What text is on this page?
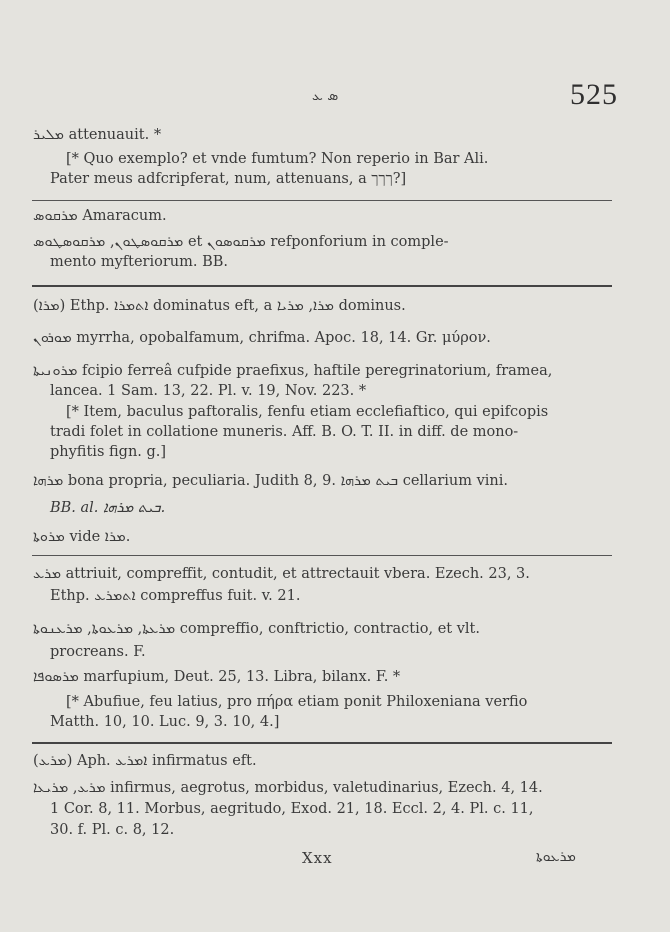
ܣ ܥ	525
ܡܠܝܪ attenuauit. *
[* Quo exemplo? et vnde fumtum? Non reperio in Bar Ali.
Pater meus adfcripferat, num, attenuans, a ‏‏ךךך?]
ܡܪܩܘܣ Amaracum.
ܡܪܩܘܣܛܘܢ, ܡܪܩܘܣܛܘܣ et ܡܪܩܘܣܘܢ refponforium in comple-
mento myfteriorum. BB.
(ܡܪܐ) Ethp. ܐܬܡܪܐ dominatus eft, a ܡܪܐ, ܡܪܝܐ dominus.
ܡܘܪܘܢ myrrha, opobalfamum, chrifma. Apoc. 18, 14. Gr. μύρον.
ܡܪܘܢܝܬܐ fcipio ferreâ cufpide praefixus, haftile peregrinatorium, framea,
lancea. 1 Sam. 13, 22. Pl. v. 19, Nov. 223. *
[* Item, baculus paftoralis, fenfu etiam ecclefiaftico, qui epifcopis
tradi folet in collatione muneris. Aff. B. O. T. II. in diff. de mono-
phyfitis fign. g.]
ܡܪܗܐ bona propria, peculiaria. Judith 8, 9. ܒܝܬ ܡܪܗܐ cellarium vini.
BB. al. ܒܝܬ ܡܪܗܐ.
ܡܪܘܬܐ vide ܡܪܐ.
ܡܪܥ attriuit, compreffit, contudit, et attrectauit vbera. Ezech. 23, 3.
Ethp. ܐܬܡܪܥ compreffus fuit. v. 21.
ܡܪܥܬܐ, ܡܪܥܘܬܐ, ܡܪܥܢܘܬܐ compreffio, conftrictio, contractio, et vlt.
procreans. F.
ܡܪܣܘܦܐ marfupium, Deut. 25, 13. Libra, bilanx. F. *
[* Abufiue, feu latius, pro πήρα etiam ponit Philoxeniana verfio
Matth. 10, 10. Luc. 9, 3. 10, 4.]
(ܡܪܥ) Aph. ܐܡܪܥ infirmatus eft.
ܡܪܥ, ܡܪܝܥܐ infirmus, aegrotus, morbidus, valetudinarius, Ezech. 4, 14.
1 Cor. 8, 11. Morbus, aegritudo, Exod. 21, 18. Eccl. 2, 4. Pl. c. 11,
30. f. Pl. c. 8, 12.
Xxx	ܡܪܥܘܬܐ
